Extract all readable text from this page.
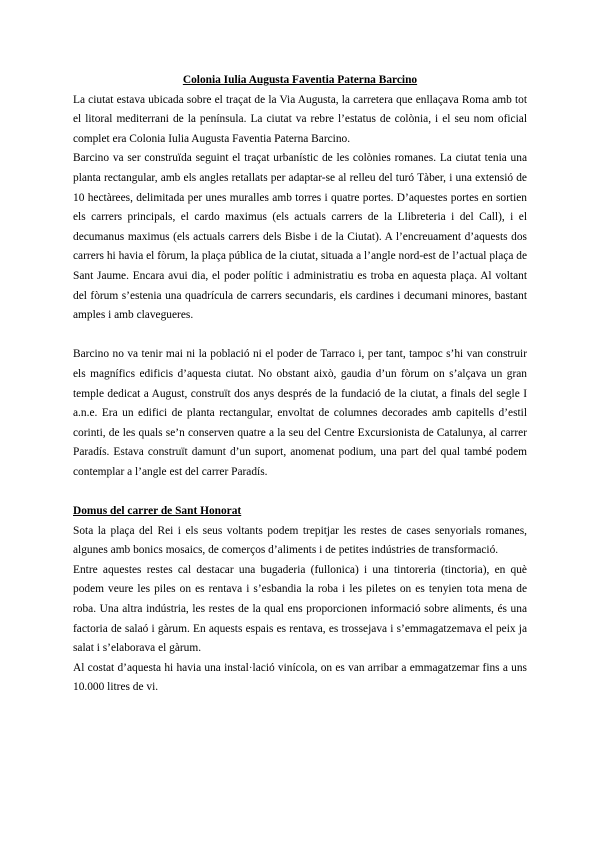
Colonia Iulia Augusta Faventia Paterna Barcino

La ciutat estava ubicada sobre el traçat de la Via Augusta, la carretera que enllaçava Roma amb tot el litoral mediterrani de la península. La ciutat va rebre l’estatus de colònia, i el seu nom oficial complet era Colonia Iulia Augusta Faventia Paterna Barcino.

Barcino va ser construïda seguint el traçat urbanístic de les colònies romanes. La ciutat tenia una planta rectangular, amb els angles retallats per adaptar-se al relleu del turó Tàber, i una extensió de 10 hectàrees, delimitada per unes muralles amb torres i quatre portes. D’aquestes portes en sortien els carrers principals, el cardo maximus (els actuals carrers de la Llibreteria i del Call), i el decumanus maximus (els actuals carrers dels Bisbe i de la Ciutat). A l’encreuament d’aquests dos carrers hi havia el fòrum, la plaça pública de la ciutat, situada a l’angle nord-est de l’actual plaça de Sant Jaume. Encara avui dia, el poder polític i administratiu es troba en aquesta plaça. Al voltant del fòrum s’estenia una quadrícula de carrers secundaris, els cardines i decumani minores, bastant amples i amb clavegueres.

Barcino no va tenir mai ni la població ni el poder de Tarraco i, per tant, tampoc s’hi van construir els magnífics edificis d’aquesta ciutat. No obstant això, gaudia d’un fòrum on s’alçava un gran temple dedicat a August, construït dos anys després de la fundació de la ciutat, a finals del segle I a.n.e. Era un edifici de planta rectangular, envoltat de columnes decorades amb capitells d’estil corinti, de les quals se’n conserven quatre a la seu del Centre Excursionista de Catalunya, al carrer Paradís. Estava construït damunt d’un suport, anomenat podium, una part del qual també podem contemplar a l’angle est del carrer Paradís.

Domus del carrer de Sant Honorat

Sota la plaça del Rei i els seus voltants podem trepitjar les restes de cases senyorials romanes, algunes amb bonics mosaics, de comerços d’aliments i de petites indústries de transformació.

Entre aquestes restes cal destacar una bugaderia (fullonica) i una tintoreria (tinctoria), en què podem veure les piles on es rentava i s’esbandia la roba i les piletes on es tenyien tota mena de roba. Una altra indústria, les restes de la qual ens proporcionen informació sobre aliments, és una factoria de salaó i gàrum. En aquests espais es rentava, es trossejava i s’emmagatzemava el peix ja salat i s’elaborava el gàrum.

Al costat d’aquesta hi havia una instal·lació vinícola, on es van arribar a emmagatzemar fins a uns 10.000 litres de vi.
